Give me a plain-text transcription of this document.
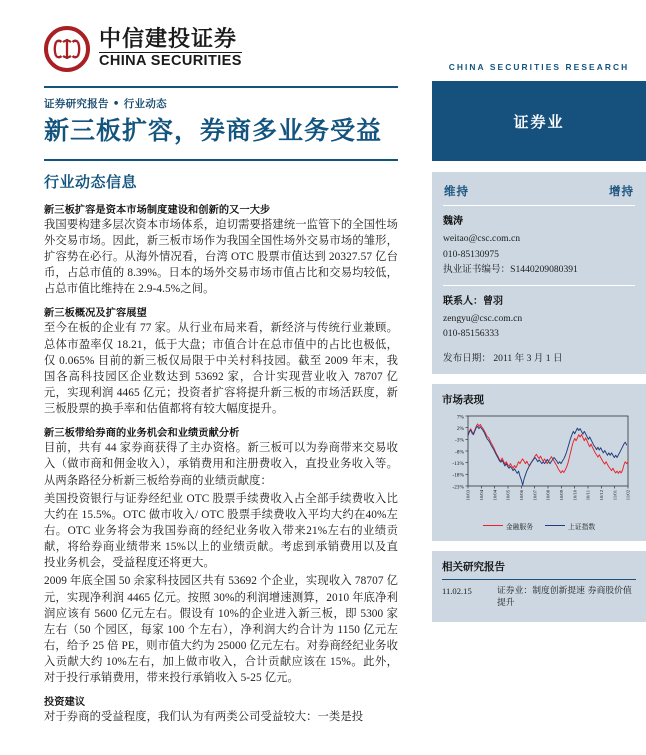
中信建投证券
CHINA SECURITIES
证券研究报告 • 行业动态
新三板扩容，券商多业务受益
行业动态信息
新三板扩容是资本市场制度建设和创新的又一大步
我国要构建多层次资本市场体系，迫切需要搭建统一监管下的全国性场外交易市场。因此，新三板市场作为我国全国性场外交易市场的雏形，扩容势在必行。从海外情况看，台湾 OTC 股票市值达到 20327.57 亿台币，占总市值的 8.39%。日本的场外交易市场市值占比和交易均较低，占总市值比维持在 2.9-4.5%之间。
新三板概况及扩容展望
至今在板的企业有 77 家。从行业布局来看，新经济与传统行业兼顾。总体市盈率仅 18.21，低于大盘；市值合计在总市值中的占比也极低，仅 0.065% 目前的新三板仅局限于中关村科技园。截至 2009 年末，我国各高科技园区企业数达到 53692 家，合计实现营业收入 78707 亿元，实现利润 4465 亿元；投资者扩容将提升新三板的市场活跃度，新三板股票的换手率和估值都将有较大幅度提升。
新三板带给券商的业务机会和业绩贡献分析
目前，共有 44 家券商获得了主办资格。新三板可以为券商带来交易收入（做市商和佣金收入），承销费用和注册费收入，直投业务收入等。从两条路径分析新三板给券商的业绩贡献度：
美国投资银行与证券经纪业 OTC 股票手续费收入占全部手续费收入比大约在 15.5%。OTC 做市收入/ OTC 股票手续费收入平均大约在40%左右。OTC 业务将会为我国券商的经纪业务收入带来21%左右的业绩贡献，将给券商业绩带来 15%以上的业绩贡献。考虑到承销费用以及直投业务机会，受益程度还将更大。
2009 年底全国 50 余家科技园区共有 53692 个企业，实现收入 78707 亿元，实现净利润 4465 亿元。按照 30%的利润增速测算，2010 年底净利润应该有 5600 亿元左右。假设有 10%的企业进入新三板，即 5300 家左右（50 个园区，每家 100 个左右），净利润大约合计为 1150 亿元左右，给予 25 倍 PE，则市值大约为 25000 亿元左右。对券商经纪业务收入贡献大约 10%左右，加上做市收入，合计贡献应该在 15%。此外，对于投行承销费用，带来投行承销收入 5-25 亿元。
投资建议
对于券商的受益程度，我们认为有两类公司受益较大：一类是投
CHINA SECURITIES RESEARCH
证券业
维持	增持
魏涛
weitao@csc.com.cn
010-85130975
执业证书编号：S1440209080391
联系人：曾羽
zengyu@csc.com.cn
010-85156333
发布日期： 2011 年 3 月 1 日
市场表现
7%
2%
-3%
-8%
-13%
-18%
-23%
10/03 10/04 10/04 10/05 10/06 10/07 10/08 10/09 10/10 10/11 10/12 11/01 11/02
金融服务	上证指数
相关研究报告
11.02.15	证券业：制度创新提速 券商股价值提升
